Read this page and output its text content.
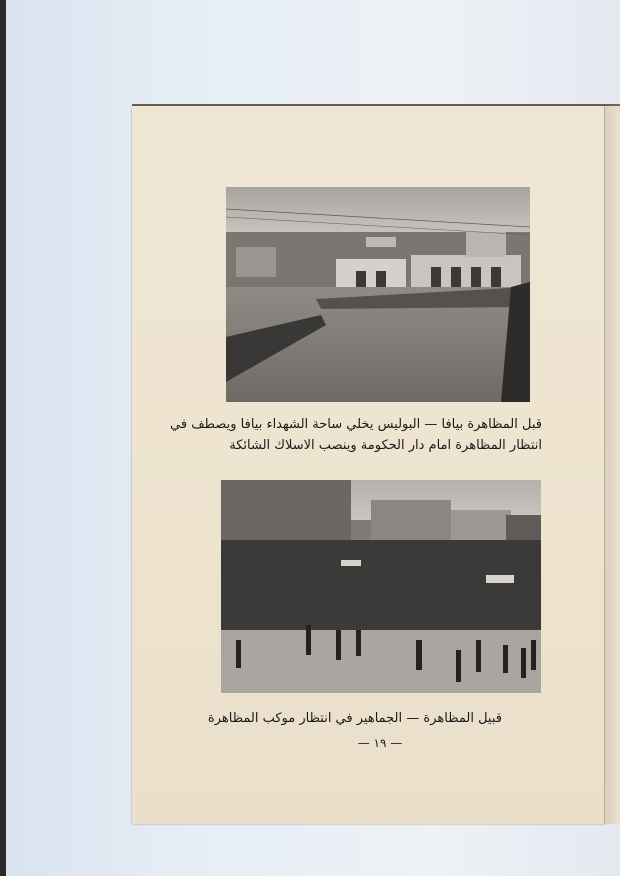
قبل المظاهرة بيافا — البوليس يخلي ساحة الشهداء بيافا ويصطف في
انتظار المظاهرة امام دار الحكومة وينصب الاسلاك الشائكة
قبيل المظاهرة — الجماهير في انتظار موكب المظاهرة
— ١٩ —
